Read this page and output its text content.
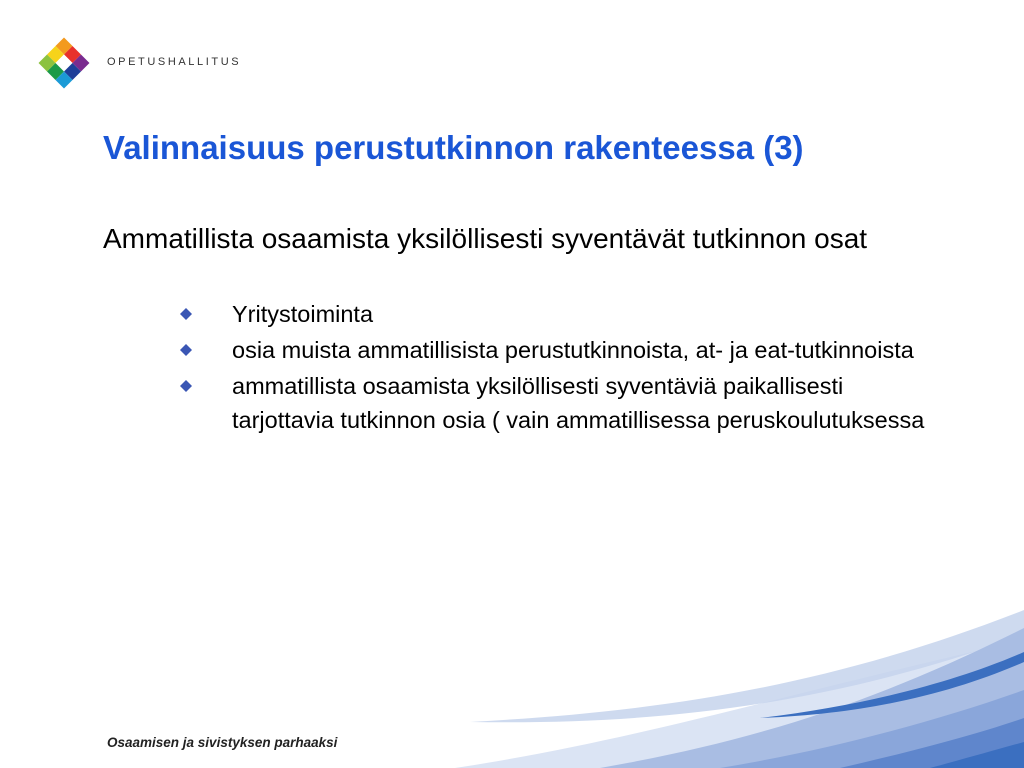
OPETUSHALLITUS
Valinnaisuus perustutkinnon rakenteessa (3)

Ammatillista osaamista yksilöllisesti syventävät tutkinnon osat

Yritystoiminta
osia muista ammatillisista perustutkinnoista, at- ja eat-tutkinnoista
ammatillista osaamista yksilöllisesti syventäviä paikallisesti tarjottavia tutkinnon osia ( vain ammatillisessa peruskoulutuksessa
Osaamisen ja sivistyksen parhaaksi
